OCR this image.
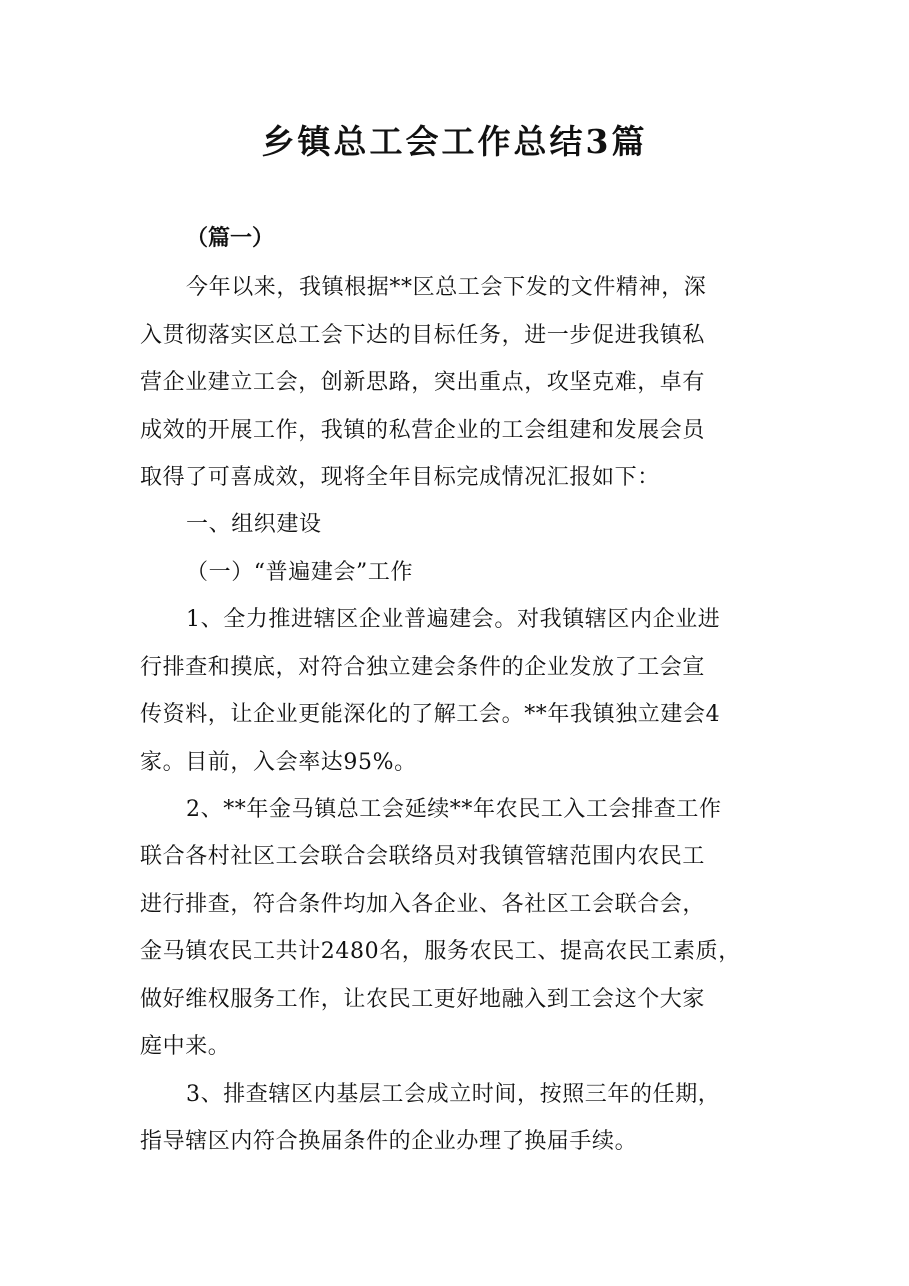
乡镇总工会工作总结3篇
（篇一）
今年以来，我镇根据**区总工会下发的文件精神，深
入贯彻落实区总工会下达的目标任务，进一步促进我镇私
营企业建立工会，创新思路，突出重点，攻坚克难，卓有
成效的开展工作，我镇的私营企业的工会组建和发展会员
取得了可喜成效，现将全年目标完成情况汇报如下：
一、组织建设
（一）“普遍建会”工作
1、全力推进辖区企业普遍建会。对我镇辖区内企业进
行排查和摸底，对符合独立建会条件的企业发放了工会宣
传资料，让企业更能深化的了解工会。**年我镇独立建会4
家。目前，入会率达95%。
2、**年金马镇总工会延续**年农民工入工会排查工作
联合各村社区工会联合会联络员对我镇管辖范围内农民工
进行排查，符合条件均加入各企业、各社区工会联合会，
金马镇农民工共计2480名，服务农民工、提高农民工素质，
做好维权服务工作，让农民工更好地融入到工会这个大家
庭中来。
3、排查辖区内基层工会成立时间，按照三年的任期，
指导辖区内符合换届条件的企业办理了换届手续。
